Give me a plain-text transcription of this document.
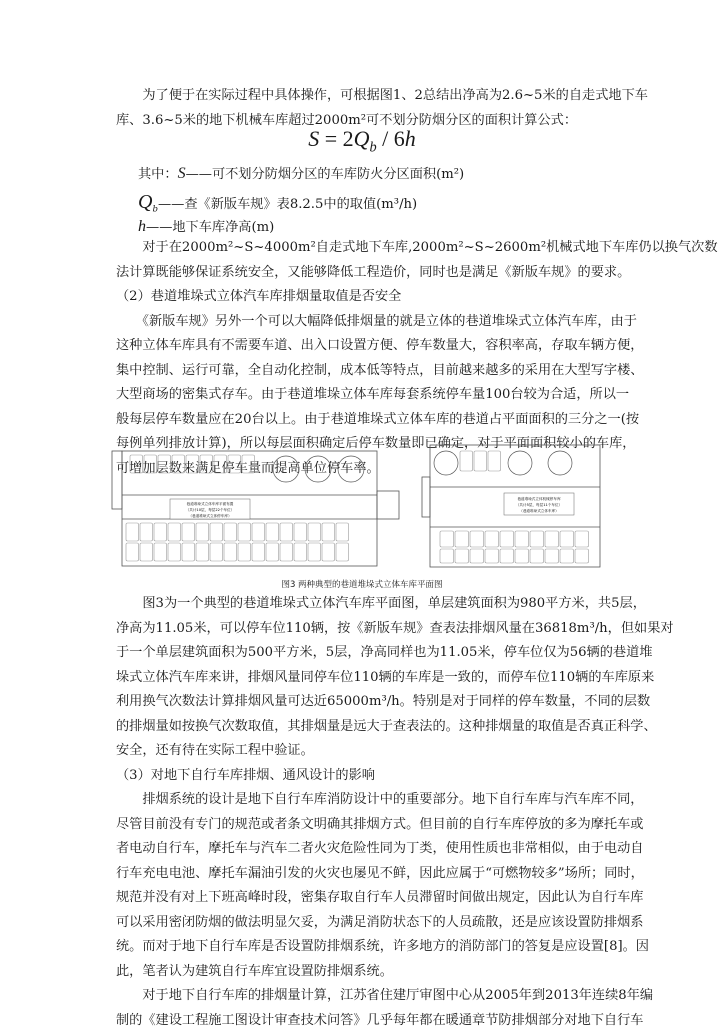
　　为了便于在实际过程中具体操作，可根据图1、2总结出净高为2.6~5米的自走式地下车
库、3.6~5米的地下机械车库超过2000m²可不划分防烟分区的面积计算公式：
$S = 2Q_b / 6h$
其中：S——可不划分防烟分区的车库防火分区面积(m²)
$Q_b——$查《新版车规》表8.2.5中的取值(m³/h)
h——地下车库净高(m)
　　对于在2000m²~S~4000m²自走式地下车库,2000m²~S~2600m²机械式地下车库仍以换气次数
法计算既能够保证系统安全，又能够降低工程造价，同时也是满足《新版车规》的要求。
（2）巷道堆垛式立体汽车库排烟量取值是否安全
　　《新版车规》另外一个可以大幅降低排烟量的就是立体的巷道堆垛式立体汽车库，由于
这种立体车库具有不需要车道、出入口设置方便、停车数量大，容积率高，存取车辆方便，
集中控制、运行可靠，全自动化控制，成本低等特点，目前越来越多的采用在大型写字楼、
大型商场的密集式存车。由于巷道堆垛立体车库每套系统停车量100台较为合适，所以一
般每层停车数量应在20台以上。由于巷道堆垛式立体车库的巷道占平面面积的三分之一(按
每例单列排放计算)，所以每层面积确定后停车数量即已确定，对于平面面积较小的车库，
可增加层数来满足停车量而提高单位停车率。
巷道堆垛式立体车库平面布置
（共计10层，每层22个车位）
（巷道堆垛式立体停车库）
巷道堆垛式立体机械停车库
（共计5层，每层11个车位）
（巷道堆垛式立体车库）
图3 两种典型的巷道堆垛式立体车库平面图
　　图3为一个典型的巷道堆垛式立体汽车库平面图，单层建筑面积为980平方米，共5层，
净高为11.05米，可以停车位110辆，按《新版车规》查表法排烟风量在36818m³/h，但如果对
于一个单层建筑面积为500平方米，5层，净高同样也为11.05米，停车位仅为56辆的巷道堆
垛式立体汽车库来讲，排烟风量同停车位110辆的车库是一致的，而停车位110辆的车库原来
利用换气次数法计算排烟风量可达近65000m³/h。特别是对于同样的停车数量，不同的层数
的排烟量如按换气次数取值，其排烟量是远大于查表法的。这种排烟量的取值是否真正科学、
安全，还有待在实际工程中验证。
（3）对地下自行车库排烟、通风设计的影响
　　排烟系统的设计是地下自行车库消防设计中的重要部分。地下自行车库与汽车库不同，
尽管目前没有专门的规范或者条文明确其排烟方式。但目前的自行车库停放的多为摩托车或
者电动自行车，摩托车与汽车二者火灾危险性同为丁类，使用性质也非常相似，由于电动自
行车充电电池、摩托车漏油引发的火灾也屡见不鲜，因此应属于“可燃物较多”场所；同时，
规范并没有对上下班高峰时段，密集存取自行车人员滞留时间做出规定，因此认为自行车库
可以采用密闭防烟的做法明显欠妥，为满足消防状态下的人员疏散，还是应该设置防排烟系
统。而对于地下自行车库是否设置防排烟系统，许多地方的消防部门的答复是应设置[8]。因
此，笔者认为建筑自行车库宜设置防排烟系统。
　　对于地下自行车库的排烟量计算，江苏省住建厅审图中心从2005年到2013年连续8年编
制的《建设工程施工图设计审查技术问答》几乎每年都在暖通章节防排烟部分对地下自行车
